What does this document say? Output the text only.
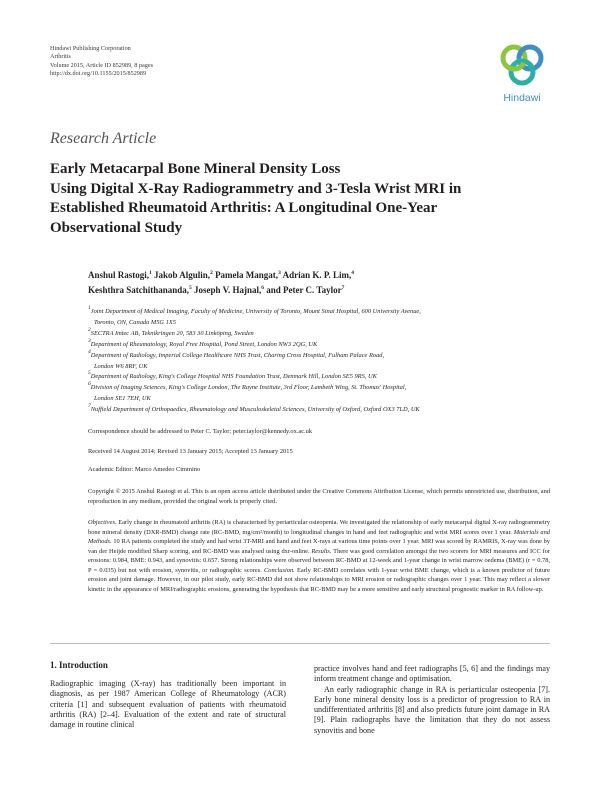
Hindawi Publishing Corporation
Arthritis
Volume 2015, Article ID 852989, 8 pages
http://dx.doi.org/10.1155/2015/852989
Hindawi
Research Article
Early Metacarpal Bone Mineral Density Loss
Using Digital X-Ray Radiogrammetry and 3-Tesla Wrist MRI in
Established Rheumatoid Arthritis: A Longitudinal One-Year
Observational Study
Anshul Rastogi,$^1$ Jakob Algulin,$^2$ Pamela Mangat,$^3$ Adrian K. P. Lim,$^4$
Keshthra Satchithananda,$^5$ Joseph V. Hajnal,$^6$ and Peter C. Taylor$^7$
$^1$Joint Department of Medical Imaging, Faculty of Medicine, University of Toronto, Mount Sinai Hospital, 600 University Avenue,
Toronto, ON, Canada M5G 1X5
$^2$SECTRA Imtec AB, Teknikringen 20, 583 30 Linköping, Sweden
$^3$Department of Rheumatology, Royal Free Hospital, Pond Street, London NW3 2QG, UK
$^4$Department of Radiology, Imperial College Healthcare NHS Trust, Charing Cross Hospital, Fulham Palace Road,
London W6 8RF, UK
$^5$Department of Radiology, King's College Hospital NHS Foundation Trust, Denmark Hill, London SE5 9RS, UK
$^6$Division of Imaging Sciences, King's College London, The Rayne Institute, 3rd Floor, Lambeth Wing, St. Thomas' Hospital,
London SE1 7EH, UK
$^7$Nuffield Department of Orthopaedics, Rheumatology and Musculoskeletal Sciences, University of Oxford, Oxford OX3 7LD, UK
Correspondence should be addressed to Peter C. Taylor; peter.taylor@kennedy.ox.ac.uk
Received 14 August 2014; Revised 13 January 2015; Accepted 13 January 2015
Academic Editor: Marco Amedeo Cimmino
Copyright © 2015 Anshul Rastogi et al. This is an open access article distributed under the Creative Commons Attribution License, which permits unrestricted use, distribution, and reproduction in any medium, provided the original work is properly cited.
Objectives. Early change in rheumatoid arthritis (RA) is characterised by periarticular osteopenia. We investigated the relationship of early metacarpal digital X-ray radiogrammetry bone mineral density (DXR-BMD) change rate (RC-BMD, mg/cm²/month) to longitudinal changes in hand and feet radiographic and wrist MRI scores over 1 year. Materials and Methods. 10 RA patients completed the study and had wrist 3T-MRI and hand and feet X-rays at various time points over 1 year. MRI was scored by RAMRIS, X-ray was done by van der Heijde modified Sharp scoring, and RC-BMD was analysed using dxr-online. Results. There was good correlation amongst the two scorers for MRI measures and ICC for erosions: 0.984, BME: 0.943, and synovitis: 0.657. Strong relationships were observed between RC-BMD at 12-week and 1-year change in wrist marrow oedema (BME) (r = 0.78, P = 0.035) but not with erosion, synovitis, or radiographic scores. Conclusion. Early RC-BMD correlates with 1-year wrist BME change, which is a known predictor of future erosion and joint damage. However, in our pilot study, early RC-BMD did not show relationships to MRI erosion or radiographic changes over 1 year. This may reflect a slower kinetic in the appearance of MRI/radiographic erosions, generating the hypothesis that RC-BMD may be a more sensitive and early structural prognostic marker in RA follow-up.
1. Introduction

Radiographic imaging (X-ray) has traditionally been important in diagnosis, as per 1987 American College of Rheumatology (ACR) criteria [1] and subsequent evaluation of patients with rheumatoid arthritis (RA) [2–4]. Evaluation of the extent and rate of structural damage in routine clinical

practice involves hand and feet radiographs [5, 6] and the findings may inform treatment change and optimisation.

An early radiographic change in RA is periarticular osteopenia [7]. Early bone mineral density loss is a predictor of progression to RA in undifferentiated arthritis [8] and also predicts future joint damage in RA [9]. Plain radiographs have the limitation that they do not assess synovitis and bone
